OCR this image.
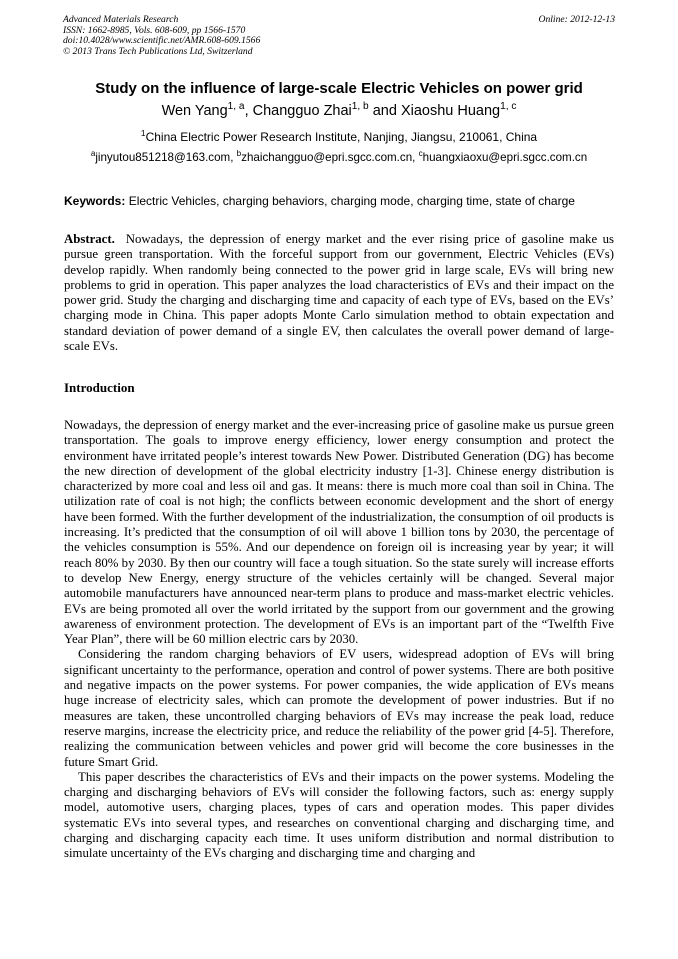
Advanced Materials Research
ISSN: 1662-8985, Vols. 608-609, pp 1566-1570
doi:10.4028/www.scientific.net/AMR.608-609.1566
© 2013 Trans Tech Publications Ltd, Switzerland
Online: 2012-12-13
Study on the influence of large-scale Electric Vehicles on power grid
Wen Yang$^{1, a}$, Changguo Zhai$^{1, b}$ and Xiaoshu Huang$^{1, c}$
$^1$China Electric Power Research Institute, Nanjing, Jiangsu, 210061, China
$^a$jinyutou851218@163.com, $^b$zhaichangguo@epri.sgcc.com.cn, $^c$huangxiaoxu@epri.sgcc.com.cn
Keywords: Electric Vehicles, charging behaviors, charging mode, charging time, state of charge
Abstract. Nowadays, the depression of energy market and the ever rising price of gasoline make us pursue green transportation. With the forceful support from our government, Electric Vehicles (EVs) develop rapidly. When randomly being connected to the power grid in large scale, EVs will bring new problems to grid in operation. This paper analyzes the load characteristics of EVs and their impact on the power grid. Study the charging and discharging time and capacity of each type of EVs, based on the EVs’ charging mode in China. This paper adopts Monte Carlo simulation method to obtain expectation and standard deviation of power demand of a single EV, then calculates the overall power demand of large-scale EVs.
Introduction

Nowadays, the depression of energy market and the ever-increasing price of gasoline make us pursue green transportation. The goals to improve energy efficiency, lower energy consumption and protect the environment have irritated people’s interest towards New Power. Distributed Generation (DG) has become the new direction of development of the global electricity industry [1-3]. Chinese energy distribution is characterized by more coal and less oil and gas. It means: there is much more coal than soil in China. The utilization rate of coal is not high; the conflicts between economic development and the short of energy have been formed. With the further development of the industrialization, the consumption of oil products is increasing. It’s predicted that the consumption of oil will above 1 billion tons by 2030, the percentage of the vehicles consumption is 55%. And our dependence on foreign oil is increasing year by year; it will reach 80% by 2030. By then our country will face a tough situation. So the state surely will increase efforts to develop New Energy, energy structure of the vehicles certainly will be changed. Several major automobile manufacturers have announced near-term plans to produce and mass-market electric vehicles. EVs are being promoted all over the world irritated by the support from our government and the growing awareness of environment protection. The development of EVs is an important part of the “Twelfth Five Year Plan”, there will be 60 million electric cars by 2030.

Considering the random charging behaviors of EV users, widespread adoption of EVs will bring significant uncertainty to the performance, operation and control of power systems. There are both positive and negative impacts on the power systems. For power companies, the wide application of EVs means huge increase of electricity sales, which can promote the development of power industries. But if no measures are taken, these uncontrolled charging behaviors of EVs may increase the peak load, reduce reserve margins, increase the electricity price, and reduce the reliability of the power grid [4-5]. Therefore, realizing the communication between vehicles and power grid will become the core businesses in the future Smart Grid.

This paper describes the characteristics of EVs and their impacts on the power systems. Modeling the charging and discharging behaviors of EVs will consider the following factors, such as: energy supply model, automotive users, charging places, types of cars and operation modes. This paper divides systematic EVs into several types, and researches on conventional charging and discharging time, and charging and discharging capacity each time. It uses uniform distribution and normal distribution to simulate uncertainty of the EVs charging and discharging time and charging and
